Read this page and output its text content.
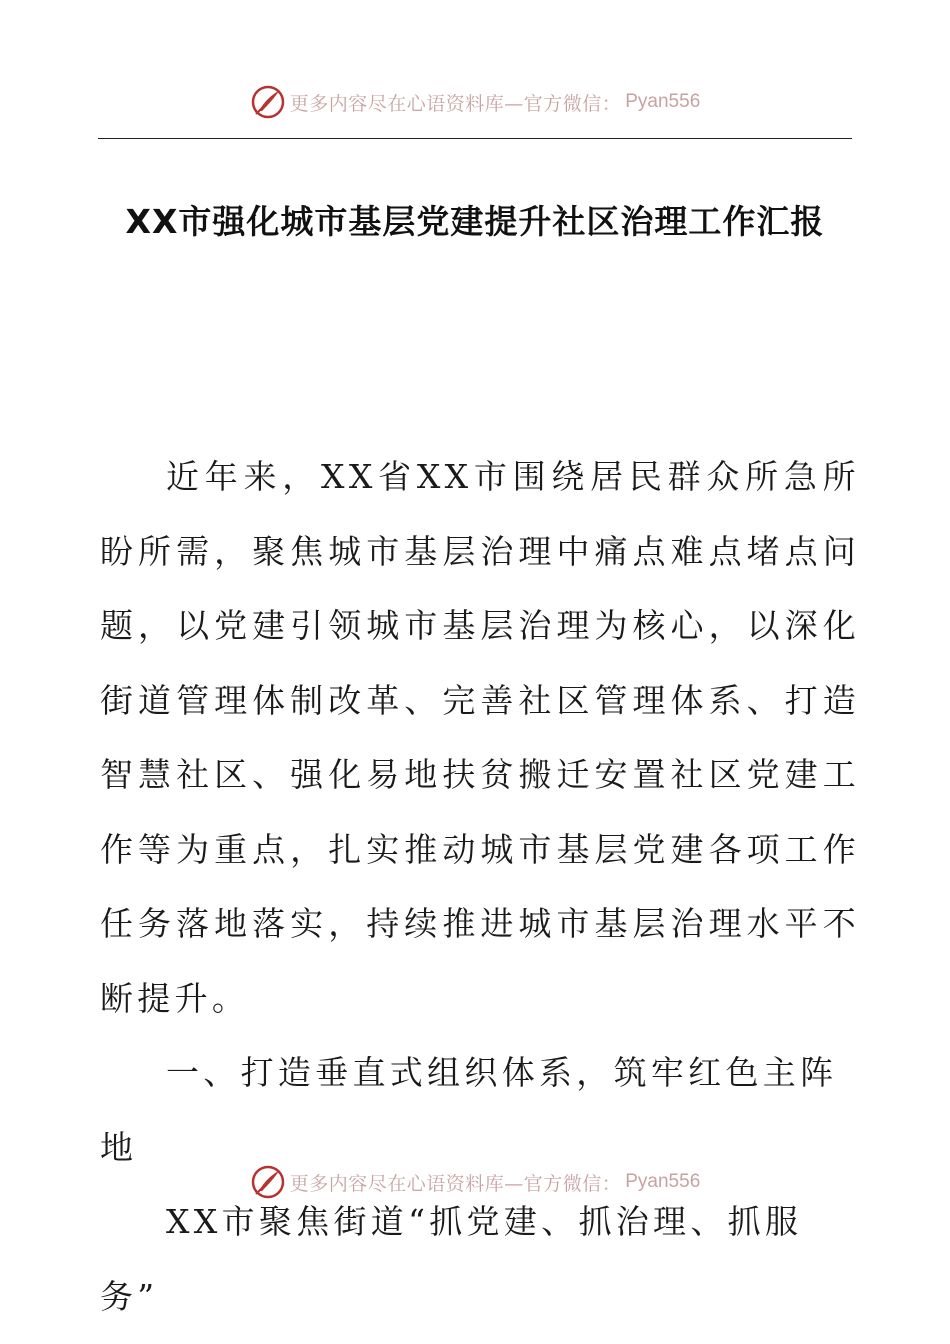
更多内容尽在心语资料库—官方微信： Pyan556
XX市强化城市基层党建提升社区治理工作汇报

近年来，XX省XX市围绕居民群众所急所盼所需，聚焦城市基层治理中痛点难点堵点问题，以党建引领城市基层治理为核心，以深化街道管理体制改革、完善社区管理体系、打造智慧社区、强化易地扶贫搬迁安置社区党建工作等为重点，扎实推动城市基层党建各项工作任务落地落实，持续推进城市基层治理水平不断提升。

一、打造垂直式组织体系，筑牢红色主阵地

XX市聚焦街道“抓党建、抓治理、抓服务”

更多内容尽在心语资料库—官方微信： Pyan556
